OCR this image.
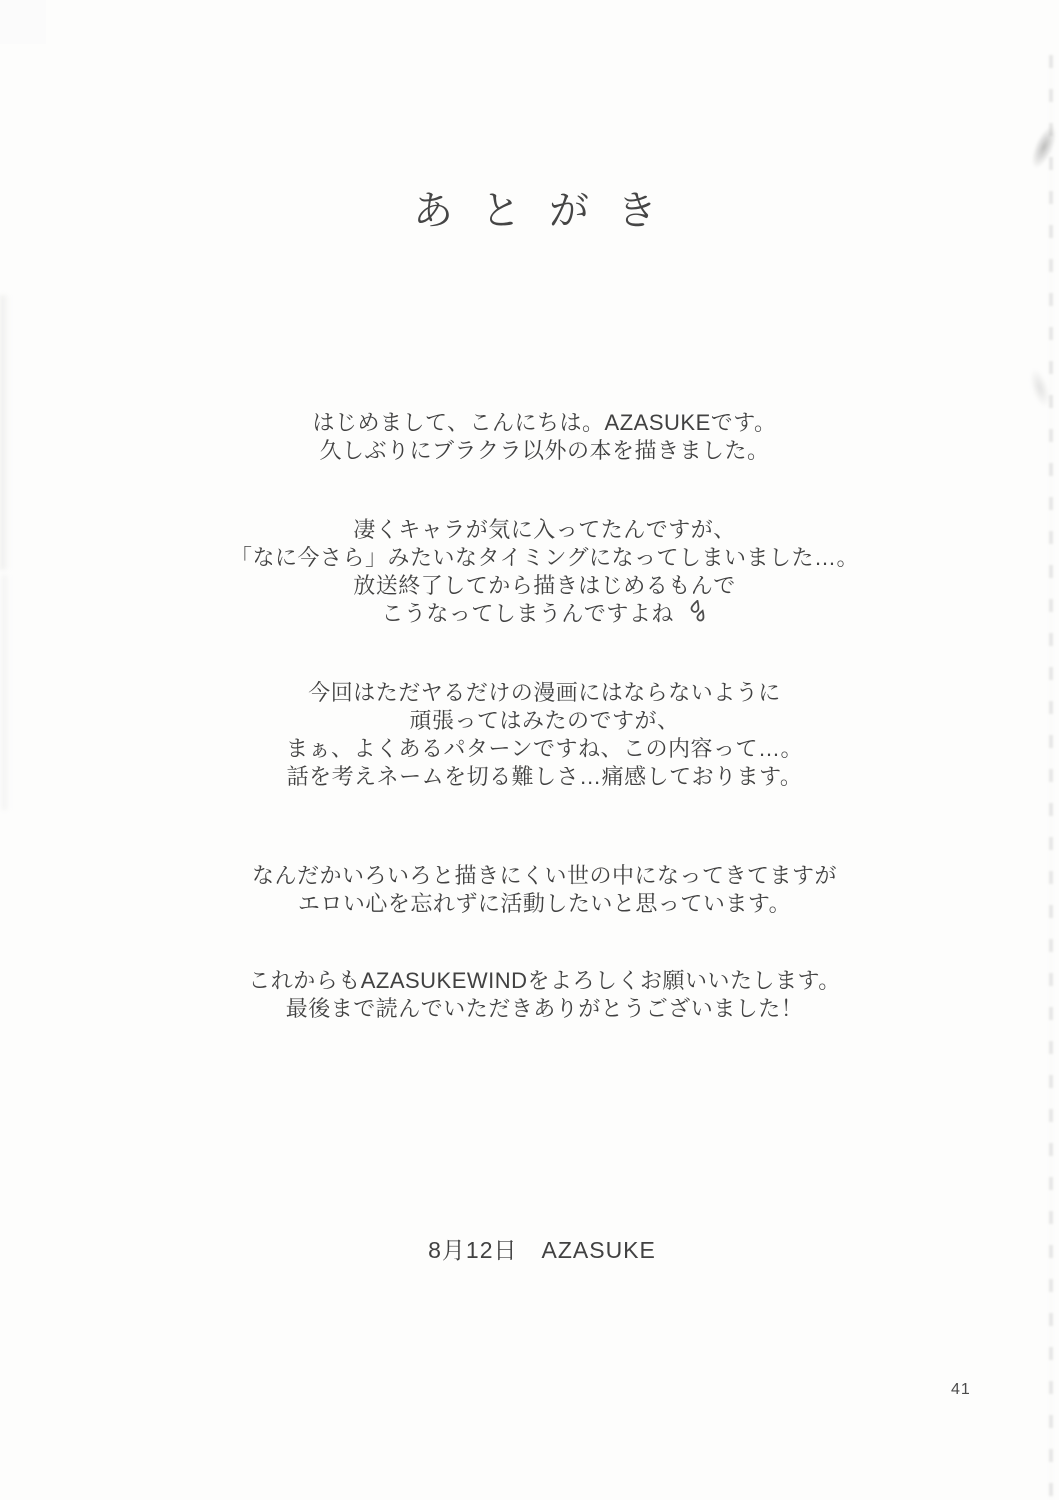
あとがき
はじめまして、こんにちは。AZASUKEです。
久しぶりにブラクラ以外の本を描きました。
凄くキャラが気に入ってたんですが、
「なに今さら」みたいなタイミングになってしまいました…。
放送終了してから描きはじめるもんで
こうなってしまうんですよね
今回はただヤるだけの漫画にはならないように
頑張ってはみたのですが、
まぁ、よくあるパターンですね、この内容って…。
話を考えネームを切る難しさ…痛感しております。
なんだかいろいろと描きにくい世の中になってきてますが
エロい心を忘れずに活動したいと思っています。
これからもAZASUKEWINDをよろしくお願いいたします。
最後まで読んでいただきありがとうございました！
8月12日　AZASUKE
41
